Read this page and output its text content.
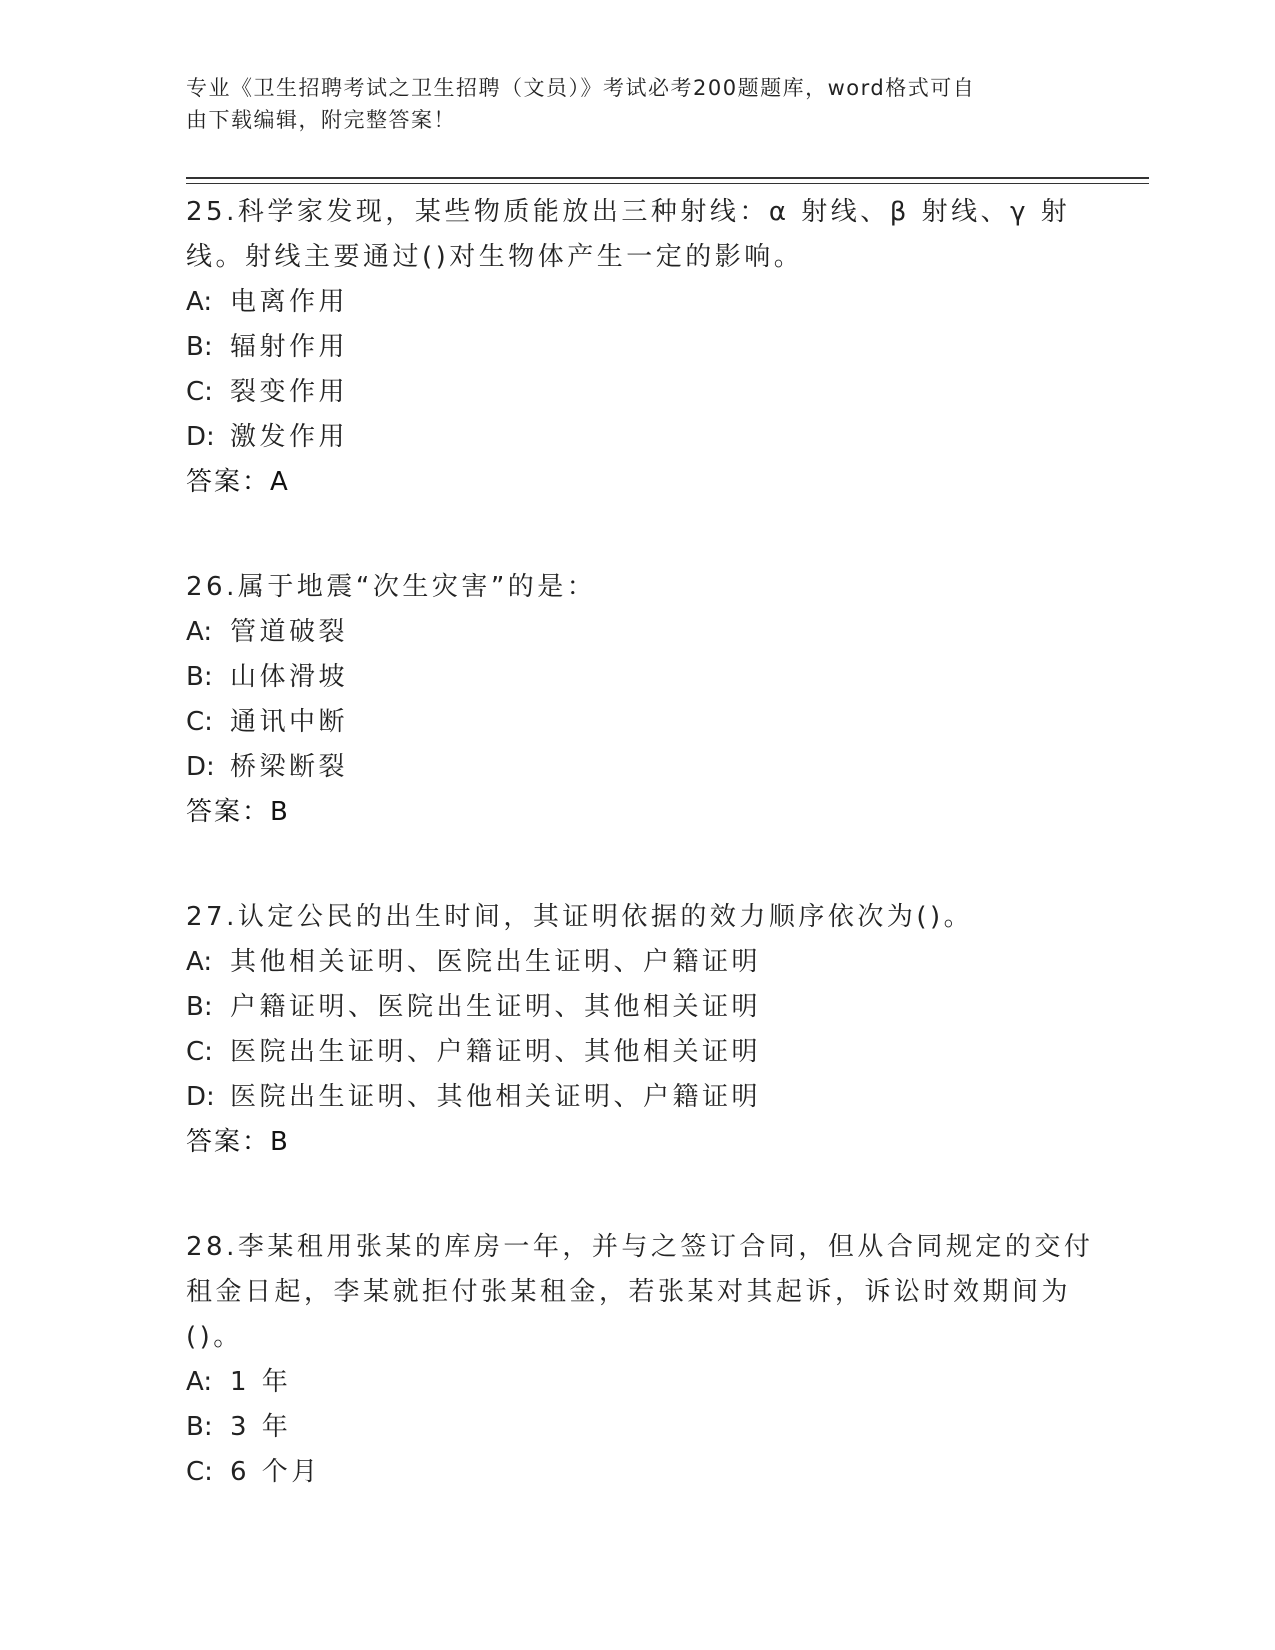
专业《卫生招聘考试之卫生招聘（文员）》考试必考200题题库，word格式可自
由下载编辑，附完整答案！
25.科学家发现，某些物质能放出三种射线：α 射线、β 射线、γ 射
线。射线主要通过()对生物体产生一定的影响。
A: 电离作用
B: 辐射作用
C: 裂变作用
D: 激发作用
答案：A
26.属于地震“次生灾害”的是：
A: 管道破裂
B: 山体滑坡
C: 通讯中断
D: 桥梁断裂
答案：B
27.认定公民的出生时间，其证明依据的效力顺序依次为()。
A: 其他相关证明、医院出生证明、户籍证明
B: 户籍证明、医院出生证明、其他相关证明
C: 医院出生证明、户籍证明、其他相关证明
D: 医院出生证明、其他相关证明、户籍证明
答案：B
28.李某租用张某的库房一年，并与之签订合同，但从合同规定的交付
租金日起，李某就拒付张某租金，若张某对其起诉，诉讼时效期间为
()。
A: 1 年
B: 3 年
C: 6 个月
